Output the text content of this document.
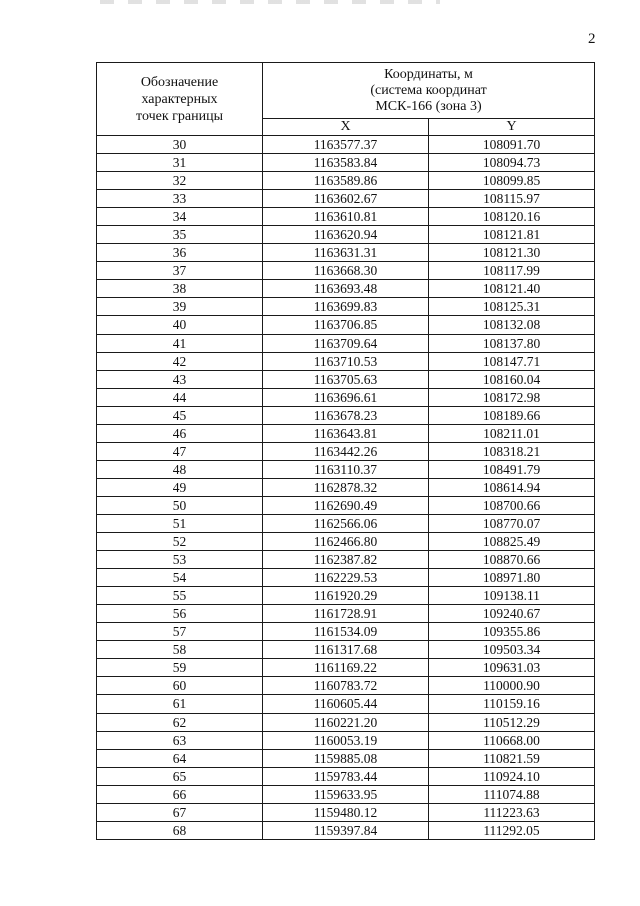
2
Обозначение
характерных
точек границы	Координаты, м
(система координат
МСК-166 (зона 3)	

	X	Y
30	1163577.37	108091.70
31	1163583.84	108094.73
32	1163589.86	108099.85
33	1163602.67	108115.97
34	1163610.81	108120.16
35	1163620.94	108121.81
36	1163631.31	108121.30
37	1163668.30	108117.99
38	1163693.48	108121.40
39	1163699.83	108125.31
40	1163706.85	108132.08
41	1163709.64	108137.80
42	1163710.53	108147.71
43	1163705.63	108160.04
44	1163696.61	108172.98
45	1163678.23	108189.66
46	1163643.81	108211.01
47	1163442.26	108318.21
48	1163110.37	108491.79
49	1162878.32	108614.94
50	1162690.49	108700.66
51	1162566.06	108770.07
52	1162466.80	108825.49
53	1162387.82	108870.66
54	1162229.53	108971.80
55	1161920.29	109138.11
56	1161728.91	109240.67
57	1161534.09	109355.86
58	1161317.68	109503.34
59	1161169.22	109631.03
60	1160783.72	110000.90
61	1160605.44	110159.16
62	1160221.20	110512.29
63	1160053.19	110668.00
64	1159885.08	110821.59
65	1159783.44	110924.10
66	1159633.95	111074.88
67	1159480.12	111223.63
68	1159397.84	111292.05
